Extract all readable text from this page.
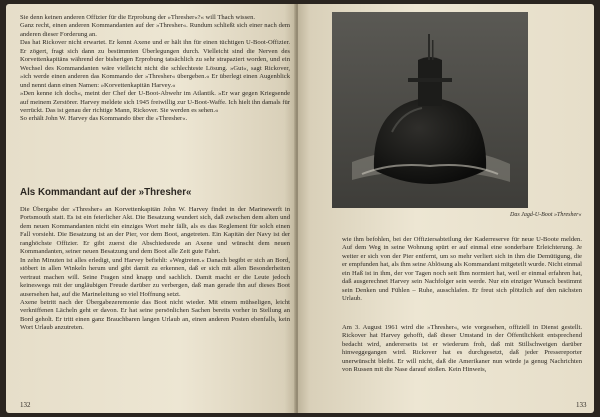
Sie denn keinen anderen Offizier für die Erprobung der »Thresher«?« will Thach wissen.

Ganz recht, einen anderen Kommandanten auf der »Thresher«. Rundum schließt sich einer nach dem anderen dieser Forderung an.

Das hat Rickover nicht erwartet. Er kennt Axene und er hält ihn für einen tüchtigen U-Boot-Offizier. Er zögert, fragt sich dann zu bestimmten Überlegungen durch. Vielleicht sind die Nerven des Korvettenkapitäns während der bisherigen Erprobung tatsächlich zu sehr strapaziert worden, und ein Wechsel des Kommandanten wäre vielleicht nicht die schlechteste Lösung. »Gut«, sagt Rickover, »ich werde einen anderen das Kommando der »Thresher« übergeben.« Er überlegt einen Augenblick und nennt dann einen Namen: »Korvettenkapitän Harvey.«

»Den kenne ich doch«, meint der Chef der U-Boot-Abwehr im Atlantik. »Er war gegen Kriegsende auf meinem Zerstörer. Harvey meldete sich 1945 freiwillig zur U-Boot-Waffe. Ich hielt ihn damals für verrückt. Das ist genau der richtige Mann, Rickover. Sie werden es sehen.«

So erhält John W. Harvey das Kommando über die »Thresher«.

Als Kommandant auf der »Thresher«

Die Übergabe der »Thresher« an Korvettenkapitän John W. Harvey findet in der Marinewerft in Portsmouth statt. Es ist ein feierlicher Akt. Die Besatzung wundert sich, daß zwischen dem alten und dem neuen Kommandanten nicht ein einziges Wort mehr fällt, als es das Reglement für solch einen Fall vorsieht. Die Besatzung ist an der Pier, vor dem Boot, angetreten. Ein Kapitän der Navy ist der ranghöchste Offizier. Er gibt zuerst die Abschiedsrede an Axene und wünscht dem neuen Kommandanten, seiner neuen Besatzung und dem Boot alle Zeit gute Fahrt.

In zehn Minuten ist alles erledigt, und Harvey befiehlt: »Wegtreten.« Danach begibt er sich an Bord, stöbert in allen Winkeln herum und gibt damit zu erkennen, daß er sich mit allen Besonderheiten vertraut machen will. Seine Fragen sind knapp und sachlich. Damit macht er die Leute jedoch keineswegs mit der ungläubigen Freude darüber zu verbergen, daß man gerade ihn auf dieses Boot ausersehen hat, auf die Marineleitung so viel Hoffnung setzt.

Axene betritt nach der Übergabezeremonie das Boot nicht wieder. Mit einem mühseligen, leicht verkniffenen Lächeln geht er davon. Er hat seine persönlichen Sachen bereits vorher in Stellung an Bord geholt. Er tritt einen ganz Brauchbaren langen Urlaub an, einen anderen Posten ebenfalls, kein Wort Urlaub anzutreten.

132
Das Jagd-U-Boot »Thresher«

wie ihm befohlen, bei der Offiziersabteilung der Kaderreserve für neue U-Boote melden. Auf dem Weg in seine Wohnung spürt er auf einmal eine sonderbare Erleichterung. Je weiter er sich von der Pier entfernt, um so mehr verliert sich in ihm die Demütigung, die er empfunden hat, als ihm seine Ablösung als Kommandant mitgeteilt wurde. Nicht einmal ein Haß ist in ihm, der vor Tagen noch seit Ihm normiert hat, weil er einmal erfahren hat, daß ausgerechnet Harvey sein Nachfolger sein werde. Nur ein einziger Wunsch bestimmt sein Denken und Fühlen – Ruhe, ausschlafen. Er freut sich plötzlich auf den nächsten Urlaub.

Am 3. August 1961 wird die »Thresher«, wie vorgesehen, offiziell in Dienst gestellt. Rickover hat Harvey gehofft, daß dieser Umstand in der Öffentlichkeit entsprechend bedacht wird, andererseits ist er wiederum froh, daß mit Stillschweigen darüber hinweggegangen wird. Rickover hat es durchgesetzt, daß jeder Pressereporter unerwünscht bleibt. Er will nicht, daß die Amerikaner nun würde ja genug Nachrichten von Russen mit die Nase darauf stoßen. Kein Hinweis,

133
